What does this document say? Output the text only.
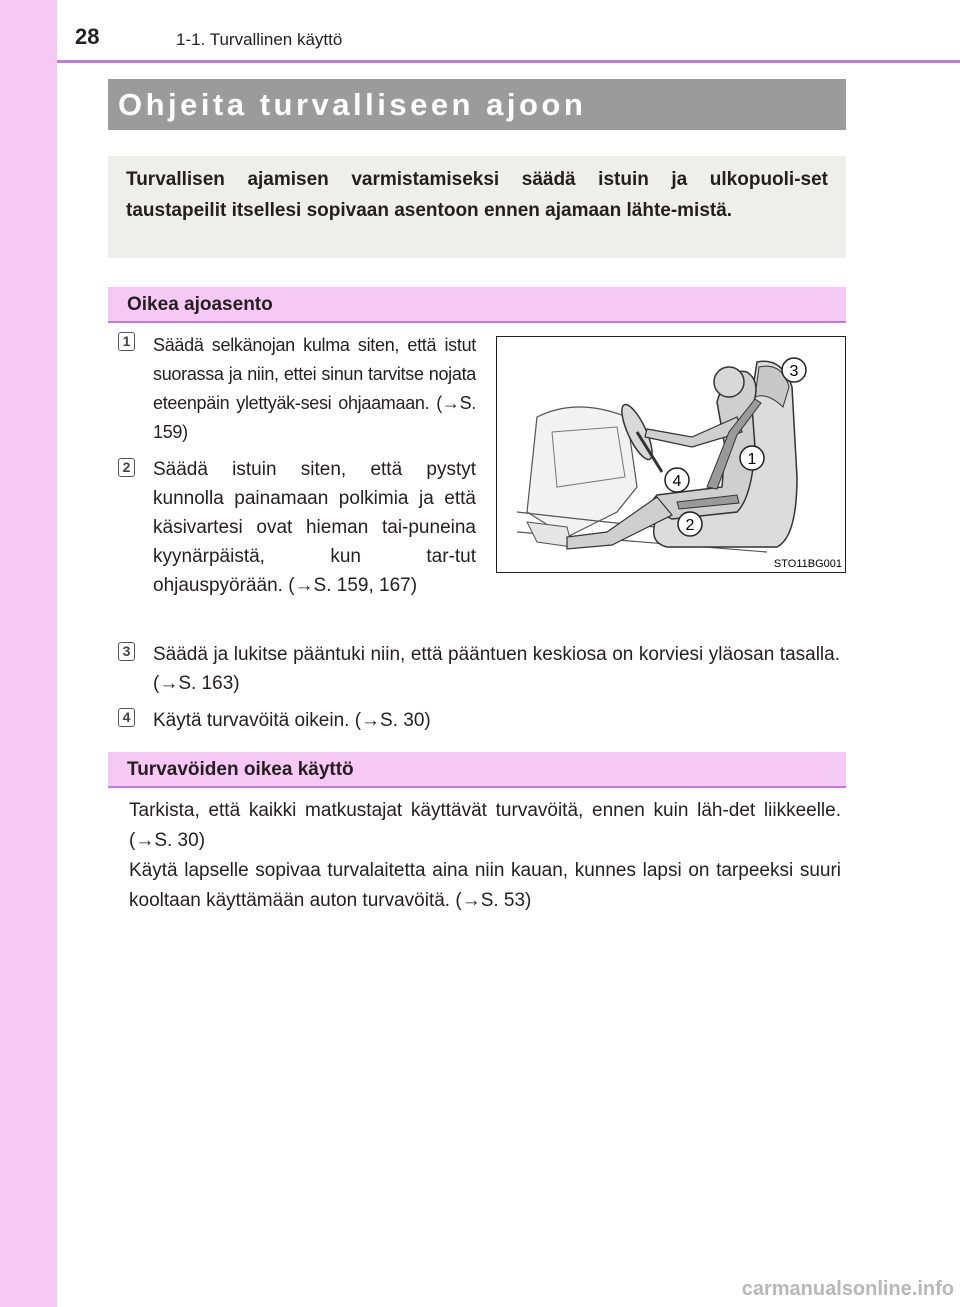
28	1-1. Turvallinen käyttö
Ohjeita turvalliseen ajoon
Turvallisen ajamisen varmistamiseksi säädä istuin ja ulkopuoli-set taustapeilit itsellesi sopivaan asentoon ennen ajamaan lähte-mistä.
Oikea ajoasento
1 Säädä selkänojan kulma siten, että istut suorassa ja niin, ettei sinun tarvitse nojata eteenpäin ylettyäk-sesi ohjaamaan. (→S. 159)
2 Säädä istuin siten, että pystyt kunnolla painamaan polkimia ja että käsivartesi ovat hieman tai-puneina kyynärpäistä, kun tar-tut ohjauspyörään. (→S. 159, 167)
3
1
4
2
STO11BG001
3 Säädä ja lukitse pääntuki niin, että pääntuen keskiosa on korviesi yläosan tasalla. (→S. 163)
4 Käytä turvavöitä oikein. (→S. 30)
Turvavöiden oikea käyttö
Tarkista, että kaikki matkustajat käyttävät turvavöitä, ennen kuin läh-det liikkeelle. (→S. 30)
Käytä lapselle sopivaa turvalaitetta aina niin kauan, kunnes lapsi on tarpeeksi suuri kooltaan käyttämään auton turvavöitä. (→S. 53)
carmanualsonline.info
